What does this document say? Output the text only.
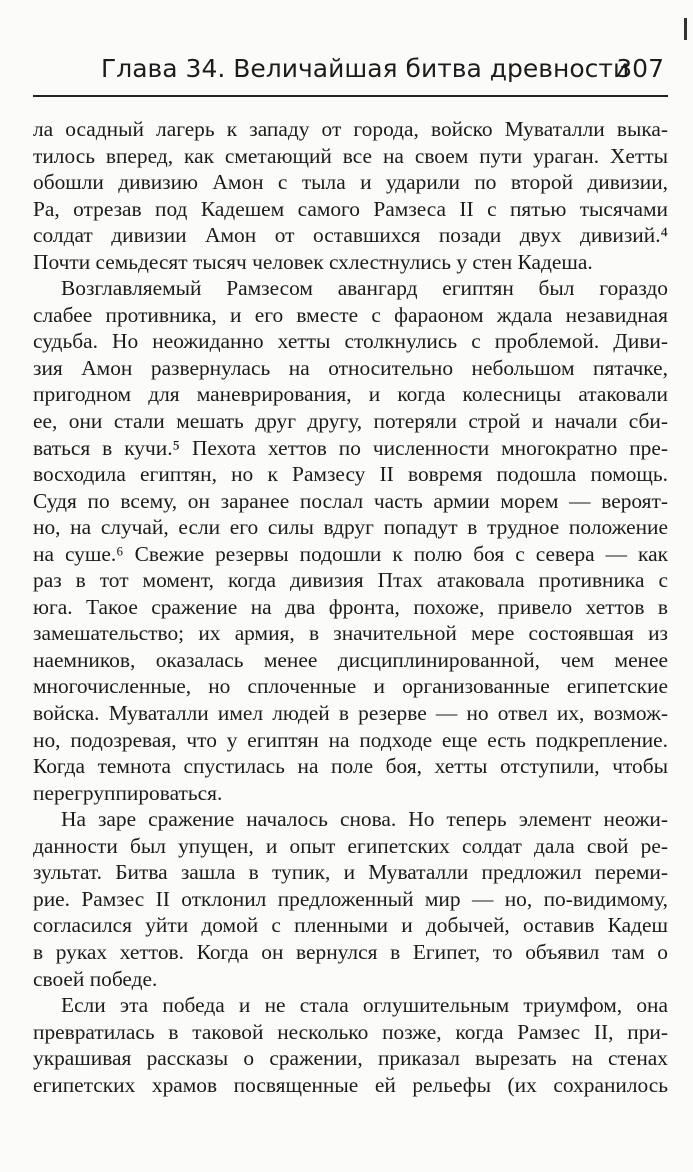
Глава 34. Величайшая битва древности
307

ла осадный лагерь к западу от города, войско Муваталли выка-
тилось вперед, как сметающий все на своем пути ураган. Хетты
обошли дивизию Амон с тыла и ударили по второй дивизии,
Ра, отрезав под Кадешем самого Рамзеса II с пятью тысячами
солдат дивизии Амон от оставшихся позади двух дивизий.⁴
Почти семьдесят тысяч человек схлестнулись у стен Кадеша.

Возглавляемый Рамзесом авангард египтян был гораздо
слабее противника, и его вместе с фараоном ждала незавидная
судьба. Но неожиданно хетты столкнулись с проблемой. Диви-
зия Амон развернулась на относительно небольшом пятачке,
пригодном для маневрирования, и когда колесницы атаковали
ее, они стали мешать друг другу, потеряли строй и начали сби-
ваться в кучи.⁵ Пехота хеттов по численности многократно пре-
восходила египтян, но к Рамзесу II вовремя подошла помощь.
Судя по всему, он заранее послал часть армии морем — вероят-
но, на случай, если его силы вдруг попадут в трудное положение
на суше.⁶ Свежие резервы подошли к полю боя с севера — как
раз в тот момент, когда дивизия Птах атаковала противника с
юга. Такое сражение на два фронта, похоже, привело хеттов в
замешательство; их армия, в значительной мере состоявшая из
наемников, оказалась менее дисциплинированной, чем менее
многочисленные, но сплоченные и организованные египетские
войска. Муваталли имел людей в резерве — но отвел их, возмож-
но, подозревая, что у египтян на подходе еще есть подкрепление.
Когда темнота спустилась на поле боя, хетты отступили, чтобы
перегруппироваться.

На заре сражение началось снова. Но теперь элемент неожи-
данности был упущен, и опыт египетских солдат дала свой ре-
зультат. Битва зашла в тупик, и Муваталли предложил переми-
рие. Рамзес II отклонил предложенный мир — но, по-видимому,
согласился уйти домой с пленными и добычей, оставив Кадеш
в руках хеттов. Когда он вернулся в Египет, то объявил там о
своей победе.

Если эта победа и не стала оглушительным триумфом, она
превратилась в таковой несколько позже, когда Рамзес II, при-
украшивая рассказы о сражении, приказал вырезать на стенах
египетских храмов посвященные ей рельефы (их сохранилось
